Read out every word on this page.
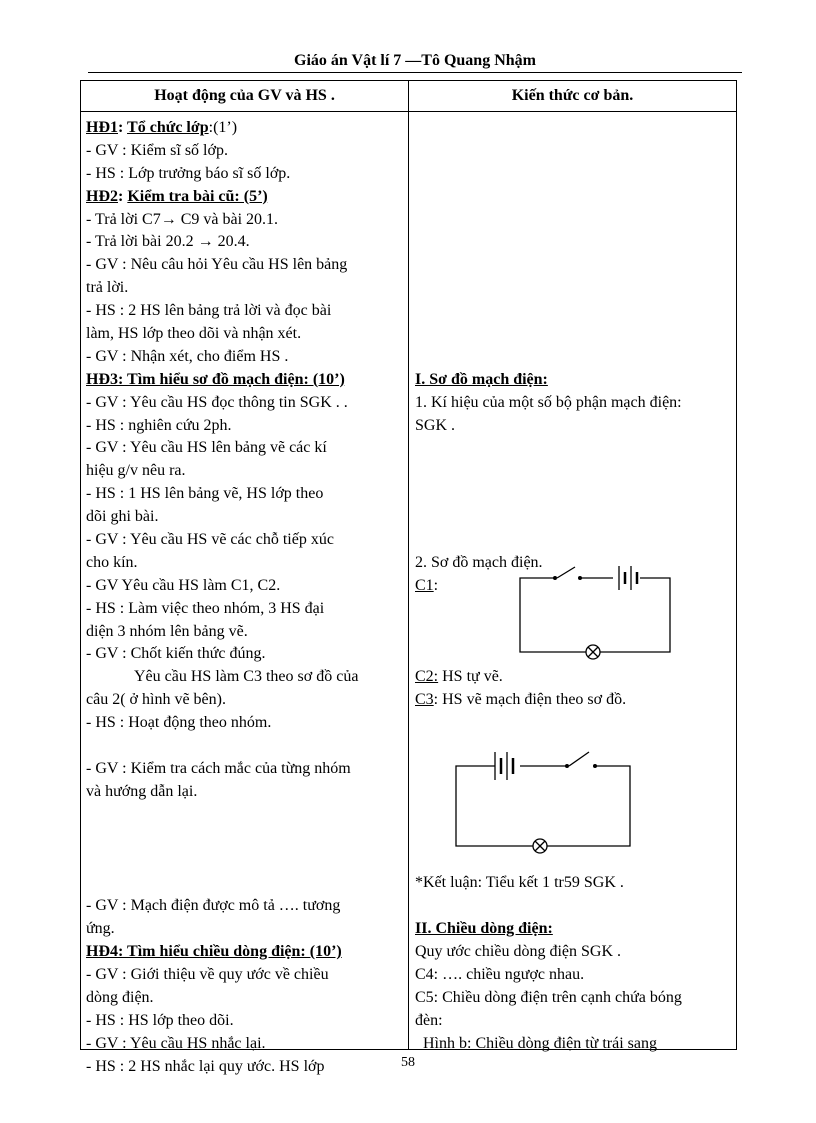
Giáo án Vật lí 7 —Tô Quang Nhậm
Hoạt động của GV và HS .	Kiến thức cơ bản.
HĐ1: Tổ chức lớp:(1’)
- GV : Kiểm sĩ số lớp.
- HS : Lớp trưởng báo sĩ số lớp.
HĐ2: Kiểm tra bài cũ: (5’)
- Trả lời C7→ C9 và bài 20.1.
- Trả lời bài 20.2 → 20.4.
- GV : Nêu câu hỏi Yêu cầu HS lên bảng
trả lời.
- HS : 2 HS lên bảng trả lời và đọc bài
làm, HS lớp theo dõi và nhận xét.
- GV : Nhận xét, cho điểm HS .
HĐ3: Tìm hiểu sơ đồ mạch điện: (10’)
- GV : Yêu cầu HS đọc thông tin SGK . .
- HS : nghiên cứu 2ph.
- GV : Yêu cầu HS lên bảng vẽ các kí
hiệu g/v nêu ra.
- HS : 1 HS lên bảng vẽ, HS lớp theo
dõi ghi bài.
- GV : Yêu cầu HS vẽ các chỗ tiếp xúc
cho kín.
- GV Yêu cầu HS làm C1, C2.
- HS : Làm việc theo nhóm, 3 HS đại
diện 3 nhóm lên bảng vẽ.
- GV : Chốt kiến thức đúng.
Yêu cầu HS làm C3 theo sơ đồ của
câu 2( ở hình vẽ bên).
- HS : Hoạt động theo nhóm.
- GV : Kiểm tra cách mắc của từng nhóm
và hướng dẫn lại.
- GV : Mạch điện được mô tả …. tương
ứng.
HĐ4: Tìm hiểu chiều dòng điện: (10’)
- GV : Giới thiệu về quy ước về chiều
dòng điện.
- HS : HS lớp theo dõi.
- GV : Yêu cầu HS nhắc lại.
- HS : 2 HS nhắc lại quy ước. HS lớp
I. Sơ đồ mạch điện:
1. Kí hiệu của một số bộ phận mạch điện:
SGK .
2. Sơ đồ mạch điện.
C1:
C2: HS tự vẽ.
C3: HS vẽ mạch điện theo sơ đồ.
*Kết luận: Tiểu kết 1 tr59 SGK .
II. Chiều dòng điện:
Quy ước chiều dòng điện SGK .
C4: …. chiều ngược nhau.
C5: Chiều dòng điện trên cạnh chứa bóng
đèn:
Hình b: Chiều dòng điện từ trái sang
58
